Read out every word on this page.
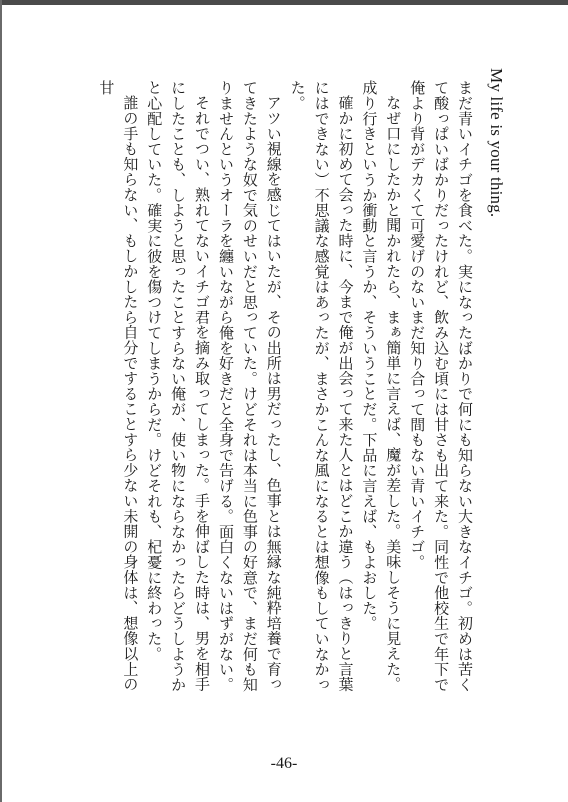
My life is your thing.

まだ青いイチゴを食べた。実になったばかりで何にも知らない大きなイチゴ。初めは苦くて酸っぱいばかりだったけれど、飲み込む頃には甘さも出て来た。同性で他校生で年下で俺より背がデカくて可愛げのないまだ知り合って間もない青いイチゴ。

なぜ口にしたかと聞かれたら、まぁ簡単に言えば、魔が差した。美味しそうに見えた。成り行きというか衝動と言うか、そういうことだ。下品に言えば、もよおした。

確かに初めて会った時に、今まで俺が出会って来た人とはどこか違う（はっきりと言葉にはできない）不思議な感覚はあったが、まさかこんな風になるとは想像もしていなかった。

アツい視線を感じてはいたが、その出所は男だったし、色事とは無縁な純粋培養で育ってきたような奴で気のせいだと思っていた。けどそれは本当に色事の好意で、まだ何も知りませんというオーラを纏いながら俺を好きだと全身で告げる。面白くないはずがない。

それでつい、熟れてないイチゴ君を摘み取ってしまった。手を伸ばした時は、男を相手にしたことも、しようと思ったことすらない俺が、使い物にならなかったらどうしようかと心配していた。確実に彼を傷つけてしまうからだ。けどそれも、杞憂に終わった。

誰の手も知らない、もしかしたら自分ですることすら少ない未開の身体は、想像以上の甘

-46-
